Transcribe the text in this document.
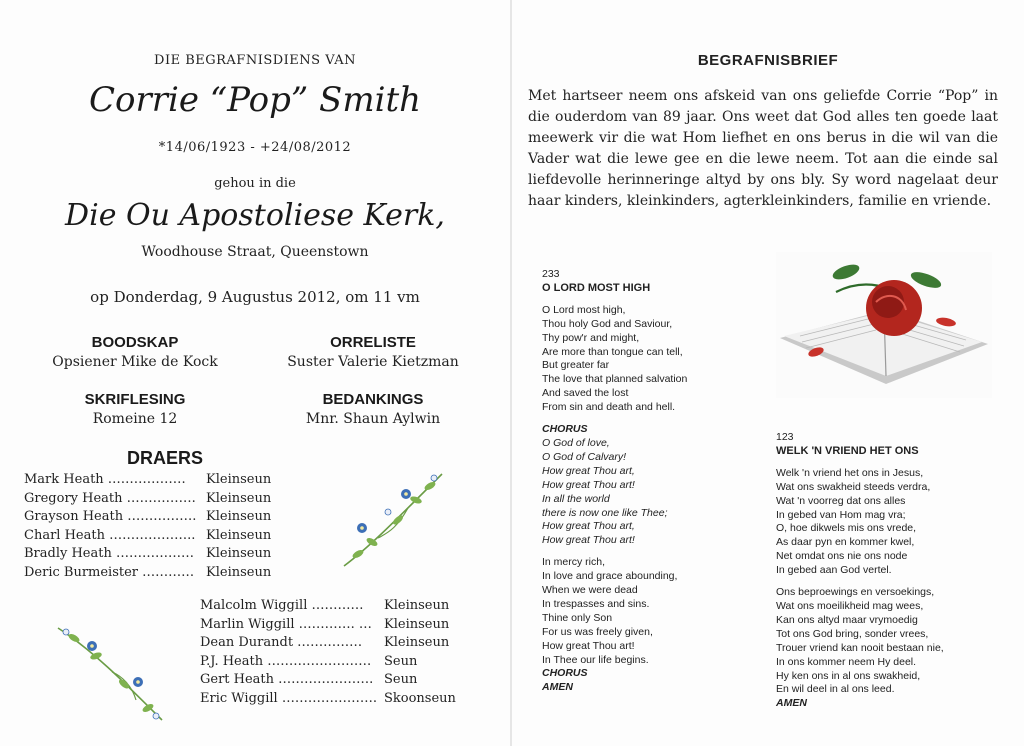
DIE BEGRAFNISDIENS VAN
Corrie “Pop” Smith
*14/06/1923 - +24/08/2012
gehou in die
Die Ou Apostoliese Kerk,
Woodhouse Straat, Queenstown
op Donderdag, 9 Augustus 2012, om 11 vm
BOODSKAP
Opsiener Mike de Kock
ORRELISTE
Suster Valerie Kietzman
SKRIFLESING
Romeine 12
BEDANKINGS
Mnr. Shaun Aylwin
DRAERS
Mark Heath ……………… Kleinseun
Gregory Heath ……………. Kleinseun
Grayson Heath ……………. Kleinseun
Charl Heath ……………….. Kleinseun
Bradly Heath ……………… Kleinseun
Deric Burmeister ………… Kleinseun
Malcolm Wiggill ………… Kleinseun
Marlin Wiggill …………. … Kleinseun
Dean Durandt …………… Kleinseun
P.J. Heath …………………… Seun
Gert Heath …………………. Seun
Eric Wiggill …………………. Skoonseun
BEGRAFNISBRIEF
Met hartseer neem ons afskeid van ons geliefde Corrie “Pop” in die ouderdom van 89 jaar. Ons weet dat God alles ten goede laat meewerk vir die wat Hom liefhet en ons berus in die wil van die Vader wat die lewe gee en die lewe neem. Tot aan die einde sal liefdevolle herinneringe altyd by ons bly. Sy word nagelaat deur haar kinders, kleinkinders, agterkleinkinders, familie en vriende.
233
O LORD MOST HIGH
O Lord most high,
Thou holy God and Saviour,
Thy pow'r and might,
Are more than tongue can tell,
But greater far
The love that planned salvation
And saved the lost
From sin and death and hell.
CHORUS
O God of love,
O God of Calvary!
How great Thou art,
How great Thou art!
In all the world
there is now one like Thee;
How great Thou art,
How great Thou art!
In mercy rich,
In love and grace abounding,
When we were dead
In trespasses and sins.
Thine only Son
For us was freely given,
How great Thou art!
In Thee our life begins.
CHORUS
AMEN
123
WELK 'N VRIEND HET ONS
Welk 'n vriend het ons in Jesus,
Wat ons swakheid steeds verdra,
Wat 'n voorreg dat ons alles
In gebed van Hom mag vra;
O, hoe dikwels mis ons vrede,
As daar pyn en kommer kwel,
Net omdat ons nie ons node
In gebed aan God vertel.
Ons beproewings en versoekings,
Wat ons moeilikheid mag wees,
Kan ons altyd maar vrymoedig
Tot ons God bring, sonder vrees,
Trouer vriend kan nooit bestaan nie,
In ons kommer neem Hy deel.
Hy ken ons in al ons swakheid,
En wil deel in al ons leed.
AMEN
